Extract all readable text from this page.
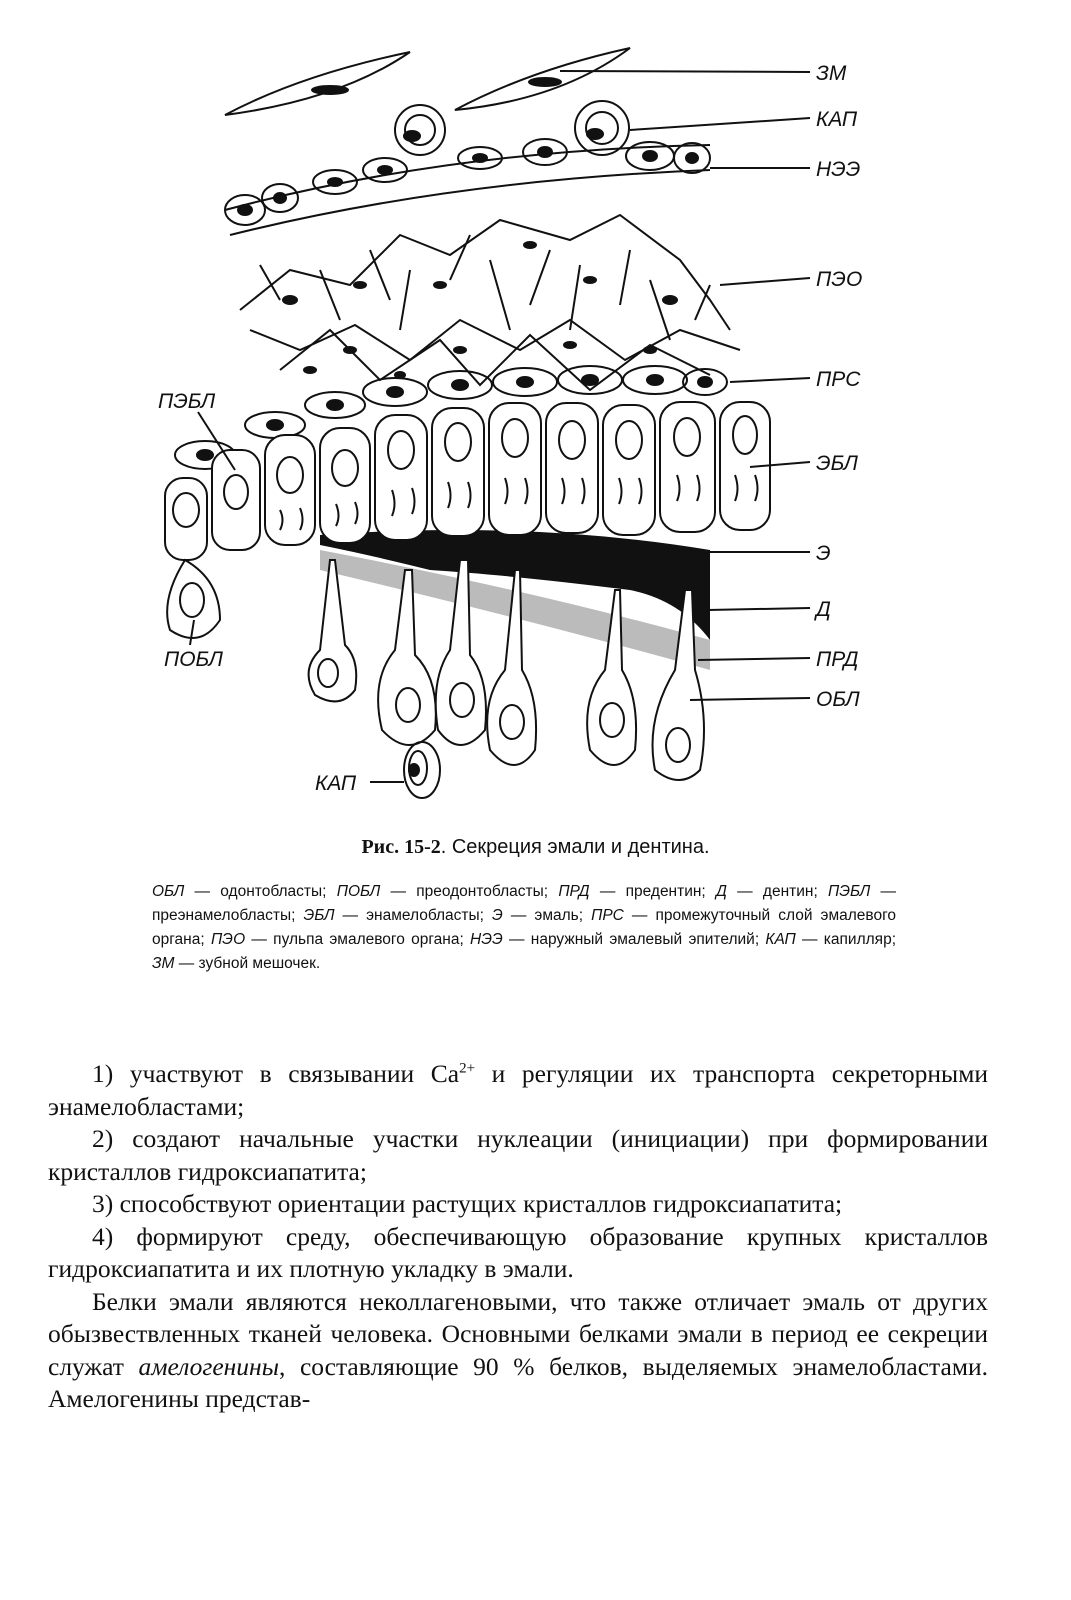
ЗМ
КАП
НЭЭ
ПЭО
ПРС
ПЭБЛ
ЭБЛ
Э
Д
ПРД
ПОБЛ
ОБЛ
КАП

Рис. 15-2. Секреция эмали и дентина.

ОБЛ — одонтобласты; ПОБЛ — преодонтобласты; ПРД — предентин; Д — дентин; ПЭБЛ — преэнамелобласты; ЭБЛ — энамелобласты; Э — эмаль; ПРС — промежуточный слой эмалевого органа; ПЭО — пульпа эмалевого органа; НЭЭ — наружный эмалевый эпителий; КАП — капилляр; ЗМ — зубной мешочек.

1) участвуют в связывании $Ca^{2+}$ и регуляции их транспорта секреторными энамелобластами;

2) создают начальные участки нуклеации (инициации) при формировании кристаллов гидроксиапатита;

3) способствуют ориентации растущих кристаллов гидроксиапатита;

4) формируют среду, обеспечивающую образование крупных кристаллов гидроксиапатита и их плотную укладку в эмали.

Белки эмали являются неколлагеновыми, что также отличает эмаль от других обызвествленных тканей человека. Основными белками эмали в период ее секреции служат амелогенины, составляющие 90 % белков, выделяемых энамелобластами. Амелогенины представ-
